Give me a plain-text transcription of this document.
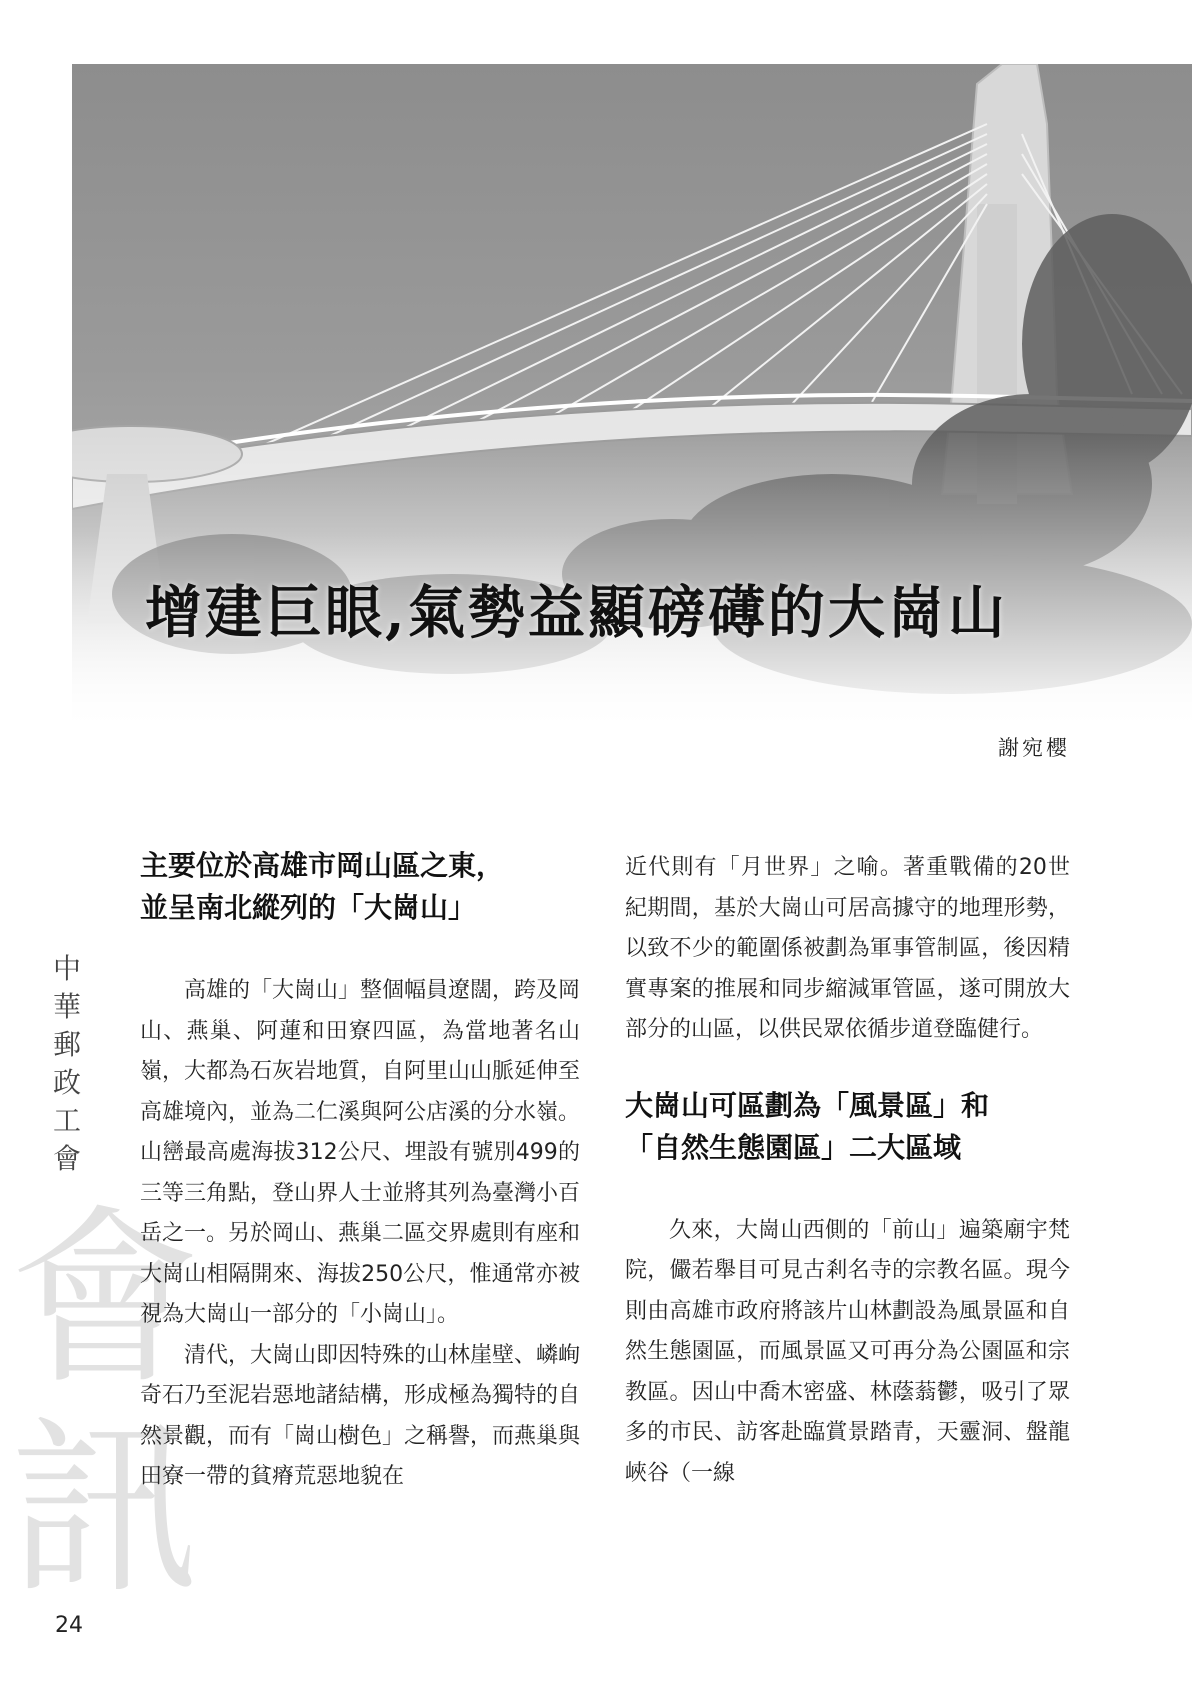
增建巨眼,氣勢益顯磅礡的大崗山
謝宛櫻
會訊
中華郵政工會
主要位於高雄市岡山區之東，
並呈南北縱列的「大崗山」

高雄的「大崗山」整個幅員遼闊，跨及岡山、燕巢、阿蓮和田寮四區，為當地著名山嶺，大都為石灰岩地質，自阿里山山脈延伸至高雄境內，並為二仁溪與阿公店溪的分水嶺。山巒最高處海拔312公尺、埋設有號別499的三等三角點，登山界人士並將其列為臺灣小百岳之一。另於岡山、燕巢二區交界處則有座和大崗山相隔開來、海拔250公尺，惟通常亦被視為大崗山一部分的「小崗山」。

清代，大崗山即因特殊的山林崖壁、嶙峋奇石乃至泥岩惡地諸結構，形成極為獨特的自然景觀，而有「崗山樹色」之稱譽，而燕巢與田寮一帶的貧瘠荒惡地貌在

近代則有「月世界」之喻。著重戰備的20世紀期間，基於大崗山可居高據守的地理形勢，以致不少的範圍係被劃為軍事管制區，後因精實專案的推展和同步縮減軍管區，遂可開放大部分的山區，以供民眾依循步道登臨健行。

大崗山可區劃為「風景區」和
「自然生態園區」二大區域

久來，大崗山西側的「前山」遍築廟宇梵院，儼若舉目可見古剎名寺的宗教名區。現今則由高雄市政府將該片山林劃設為風景區和自然生態園區，而風景區又可再分為公園區和宗教區。因山中喬木密盛、林蔭蓊鬱，吸引了眾多的市民、訪客赴臨賞景踏青，天靈洞、盤龍峽谷（一線

24
